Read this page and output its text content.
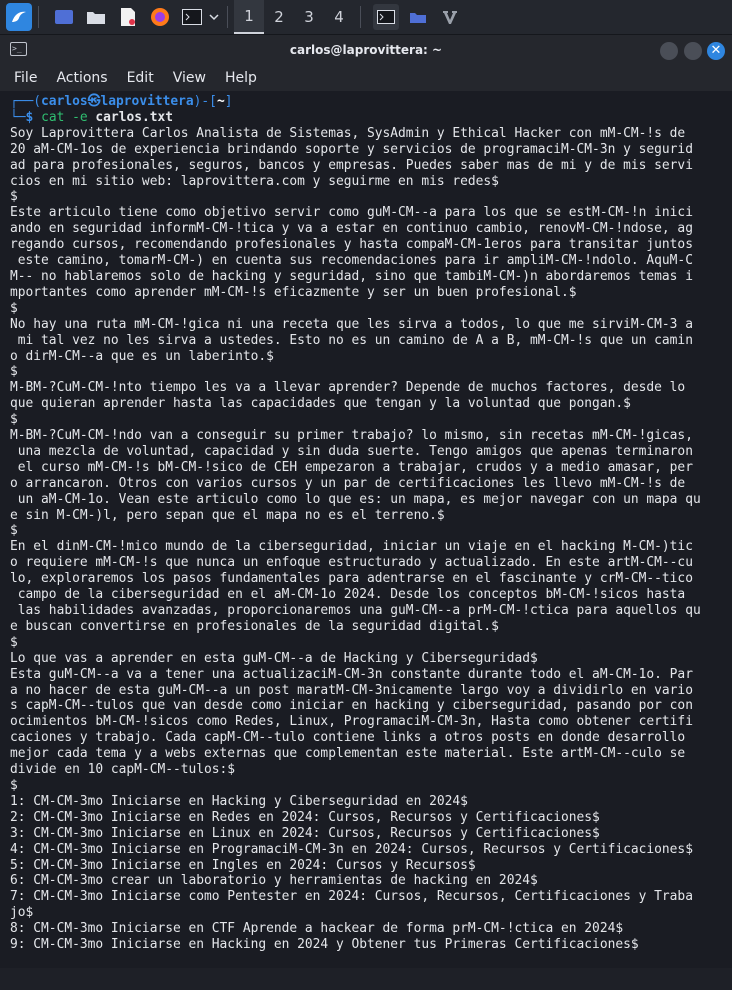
1	2	3	4
>_	carlos@laprovittera: ~	✕
File Actions Edit View Help
┌──(carlos㉿laprovittera)-[~]
└─$ cat -e carlos.txt
Soy Laprovittera Carlos Analista de Sistemas, SysAdmin y Ethical Hacker con mM-CM-!s de
20 aM-CM-1os de experiencia brindando soporte y servicios de programaciM-CM-3n y segurid
ad para profesionales, seguros, bancos y empresas. Puedes saber mas de mi y de mis servi
cios en mi sitio web: laprovittera.com y seguirme en mis redes$
$
Este articulo tiene como objetivo servir como guM-CM--a para los que se estM-CM-!n inici
ando en seguridad informM-CM-!tica y va a estar en continuo cambio, renovM-CM-!ndose, ag
regando cursos, recomendando profesionales y hasta compaM-CM-1eros para transitar juntos
este camino, tomarM-CM-) en cuenta sus recomendaciones para ir ampliM-CM-!ndolo. AquM-C
M-- no hablaremos solo de hacking y seguridad, sino que tambiM-CM-)n abordaremos temas i
mportantes como aprender mM-CM-!s eficazmente y ser un buen profesional.$
$
No hay una ruta mM-CM-!gica ni una receta que les sirva a todos, lo que me sirviM-CM-3 a
mi tal vez no les sirva a ustedes. Esto no es un camino de A a B, mM-CM-!s que un camin
o dirM-CM--a que es un laberinto.$
$
M-BM-?CuM-CM-!nto tiempo les va a llevar aprender? Depende de muchos factores, desde lo
que quieran aprender hasta las capacidades que tengan y la voluntad que pongan.$
$
M-BM-?CuM-CM-!ndo van a conseguir su primer trabajo? lo mismo, sin recetas mM-CM-!gicas,
una mezcla de voluntad, capacidad y sin duda suerte. Tengo amigos que apenas terminaron
el curso mM-CM-!s bM-CM-!sico de CEH empezaron a trabajar, crudos y a medio amasar, per
o arrancaron. Otros con varios cursos y un par de certificaciones les llevo mM-CM-!s de
un aM-CM-1o. Vean este articulo como lo que es: un mapa, es mejor navegar con un mapa qu
e sin M-CM-)l, pero sepan que el mapa no es el terreno.$
$
En el dinM-CM-!mico mundo de la ciberseguridad, iniciar un viaje en el hacking M-CM-)tic
o requiere mM-CM-!s que nunca un enfoque estructurado y actualizado. En este artM-CM--cu
lo, exploraremos los pasos fundamentales para adentrarse en el fascinante y crM-CM--tico
campo de la ciberseguridad en el aM-CM-1o 2024. Desde los conceptos bM-CM-!sicos hasta
las habilidades avanzadas, proporcionaremos una guM-CM--a prM-CM-!ctica para aquellos qu
e buscan convertirse en profesionales de la seguridad digital.$
$
Lo que vas a aprender en esta guM-CM--a de Hacking y Ciberseguridad$
Esta guM-CM--a va a tener una actualizaciM-CM-3n constante durante todo el aM-CM-1o. Par
a no hacer de esta guM-CM--a un post maratM-CM-3nicamente largo voy a dividirlo en vario
s capM-CM--tulos que van desde como iniciar en hacking y ciberseguridad, pasando por con
ocimientos bM-CM-!sicos como Redes, Linux, ProgramaciM-CM-3n, Hasta como obtener certifi
caciones y trabajo. Cada capM-CM--tulo contiene links a otros posts en donde desarrollo
mejor cada tema y a webs externas que complementan este material. Este artM-CM--culo se
divide en 10 capM-CM--tulos:$
$
1: CM-CM-3mo Iniciarse en Hacking y Ciberseguridad en 2024$
2: CM-CM-3mo Iniciarse en Redes en 2024: Cursos, Recursos y Certificaciones$
3: CM-CM-3mo Iniciarse en Linux en 2024: Cursos, Recursos y Certificaciones$
4: CM-CM-3mo Iniciarse en ProgramaciM-CM-3n en 2024: Cursos, Recursos y Certificaciones$
5: CM-CM-3mo Iniciarse en Ingles en 2024: Cursos y Recursos$
6: CM-CM-3mo crear un laboratorio y herramientas de hacking en 2024$
7: CM-CM-3mo Iniciarse como Pentester en 2024: Cursos, Recursos, Certificaciones y Traba
jo$
8: CM-CM-3mo Iniciarse en CTF Aprende a hackear de forma prM-CM-!ctica en 2024$
9: CM-CM-3mo Iniciarse en Hacking en 2024 y Obtener tus Primeras Certificaciones$
